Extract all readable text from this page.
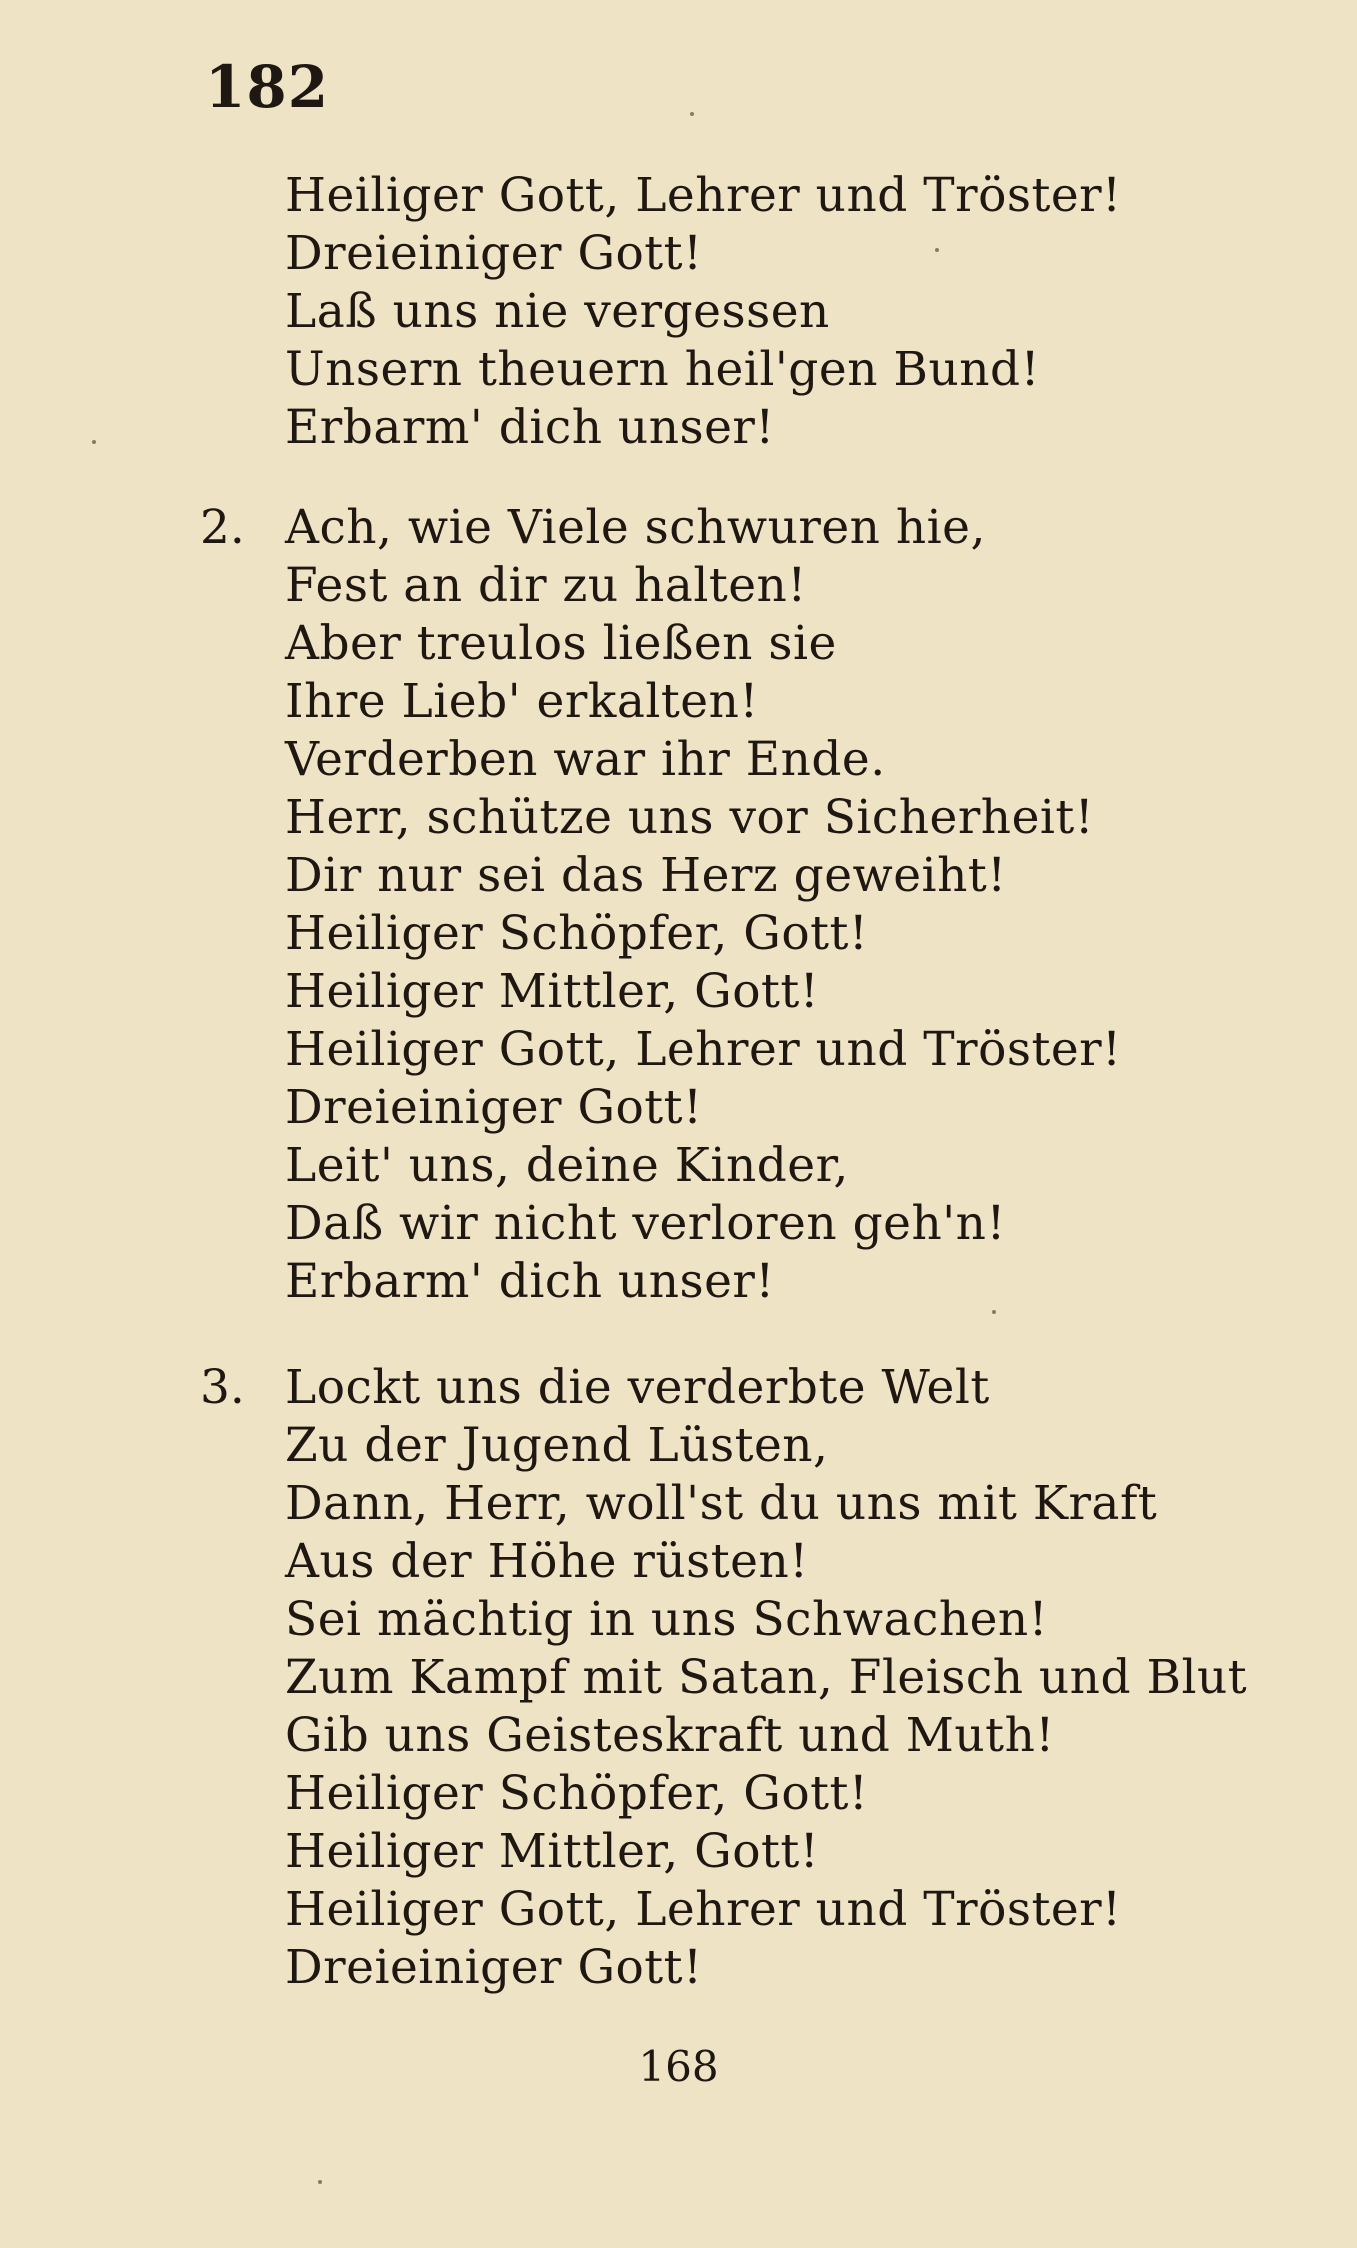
182
Heiliger Gott, Lehrer und Tröster!
Dreieiniger Gott!
Laß uns nie vergessen
Unsern theuern heil'gen Bund!
Erbarm' dich unser!
2. Ach, wie Viele schwuren hie,
Fest an dir zu halten!
Aber treulos ließen sie
Ihre Lieb' erkalten!
Verderben war ihr Ende.
Herr, schütze uns vor Sicherheit!
Dir nur sei das Herz geweiht!
Heiliger Schöpfer, Gott!
Heiliger Mittler, Gott!
Heiliger Gott, Lehrer und Tröster!
Dreieiniger Gott!
Leit' uns, deine Kinder,
Daß wir nicht verloren geh'n!
Erbarm' dich unser!
3. Lockt uns die verderbte Welt
Zu der Jugend Lüsten,
Dann, Herr, woll'st du uns mit Kraft
Aus der Höhe rüsten!
Sei mächtig in uns Schwachen!
Zum Kampf mit Satan, Fleisch und Blut
Gib uns Geisteskraft und Muth!
Heiliger Schöpfer, Gott!
Heiliger Mittler, Gott!
Heiliger Gott, Lehrer und Tröster!
Dreieiniger Gott!
168
